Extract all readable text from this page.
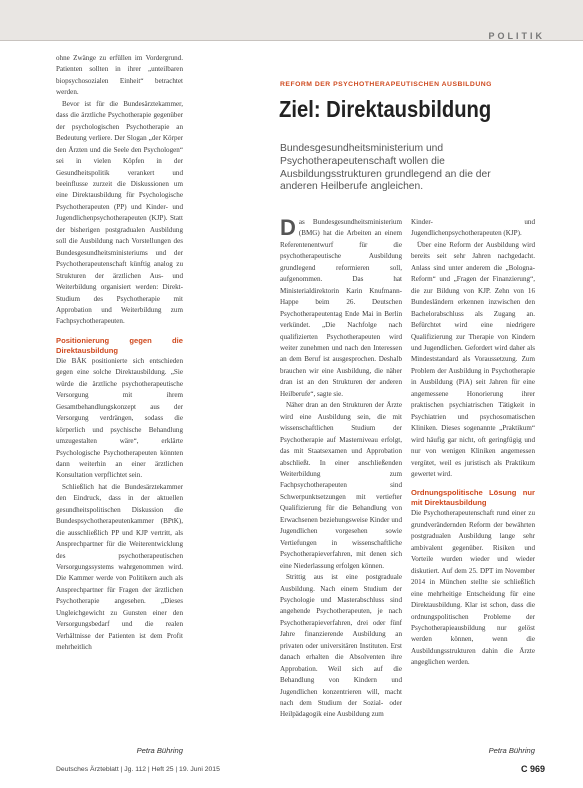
POLITIK

ohne Zwänge zu erfüllen im Vordergrund. Patienten sollten in ihrer „unteilbaren biopsychosozialen Einheit“ betrachtet werden.

Bevor ist für die Bundesärztekammer, dass die ärztliche Psychotherapie gegenüber der psychologischen Psychotherapie an Bedeutung verliere. Der Slogan „der Körper den Ärzten und die Seele den Psychologen“ sei in vielen Köpfen in der Gesundheitspolitik verankert und beeinflusse zurzeit die Diskussionen um eine Direktausbildung für Psychologische Psychotherapeuten (PP) und Kinder- und Jugendlichenpsychotherapeuten (KJP). Statt der bisherigen postgradualen Ausbildung soll die Ausbildung nach Vorstellungen des Bundesgesundheitsministeriums und der Psychotherapeutenschaft künftig analog zu Strukturen der ärztlichen Aus- und Weiterbildung organisiert werden: Direkt-Studium des Psychotherapie mit Approbation und Weiterbildung zum Fachpsychotherapeuten.

Positionierung gegen die Direktausbildung

Die BÄK positionierte sich entschieden gegen eine solche Direktausbildung. „Sie würde die ärztliche psychotherapeutische Versorgung mit ihrem Gesamtbehandlungskonzept aus der Versorgung verdrängen, sodass die körperlich und psychische Behandlung umzugestalten wäre“, erklärte Psychologische Psychotherapeuten könnten dann weiterhin an einer ärztlichen Konsultation verpflichtet sein.

Schließlich hat die Bundesärztekammer den Eindruck, dass in der aktuellen gesundheitspolitischen Diskussion die Bundespsychotherapeutenkammer (BPtK), die ausschließlich PP und KJP vertritt, als Ansprechpartner für die Weiterentwicklung des psychotherapeutischen Versorgungssystems wahrgenommen wird. Die Kammer werde von Politikern auch als Ansprechpartner für Fragen der ärztlichen Psychotherapie angesehen. „Dieses Ungleichgewicht zu Gunsten einer den Versorgungsbedarf und die realen Verhältnisse der Patienten ist dem Profit mehrheitlich

Petra Bühring
REFORM DER PSYCHOTHERAPEUTISCHEN AUSBILDUNG
Ziel: Direktausbildung
Bundesgesundheitsministerium und Psychotherapeutenschaft wollen die Ausbildungsstrukturen grundlegend an die der anderen Heilberufe angleichen.

Das Bundesgesundheitsministerium (BMG) hat die Arbeiten an einem Referentenentwurf für die psychotherapeutische Ausbildung grundlegend reformieren soll, aufgenommen. Das hat Ministerialdirektorin Karin Knufmann-Happe beim 26. Deutschen Psychotherapeutentag Ende Mai in Berlin verkündet. „Die Nachfolge nach qualifizierten Psychotherapeuten wird weiter zunehmen und nach den Interessen an dem Beruf ist ausgesprochen. Deshalb brauchen wir eine Ausbildung, die näher dran ist an den Strukturen der anderen Heilberufe“, sagte sie.

Näher dran an den Strukturen der Ärzte wird eine Ausbildung sein, die mit wissenschaftlichen Studium der Psychotherapie auf Masterniveau erfolgt, das mit Staatsexamen und Approbation abschließt. In einer anschließenden Weiterbildung zum Fachpsychotherapeuten sind Schwerpunktsetzungen mit vertiefter Qualifizierung für die Behandlung von Erwachsenen beziehungsweise Kinder und Jugendlichen vorgesehen sowie Vertiefungen in wissenschaftliche Psychotherapieverfahren, mit denen sich eine Niederlassung erfolgen können.

Strittig aus ist eine postgraduale Ausbildung. Nach einem Studium der Psychologie und Masterabschluss sind angehende Psychotherapeuten, je nach Psychotherapieverfahren, drei oder fünf Jahre finanzierende Ausbildung an privaten oder universitären Instituten. Erst danach erhalten die Absolventen ihre Approbation. Weil sich auf die Behandlung von Kindern und Jugendlichen konzentrieren will, macht nach dem Studium der Sozial- oder Heilpädagogik eine Ausbildung zum

Kinder- und Jugendlichenpsychotherapeuten (KJP).

Über eine Reform der Ausbildung wird bereits seit sehr Jahren nachgedacht. Anlass sind unter anderem die „Bologna-Reform“ und „Fragen der Finanzierung“, die zur Bildung von KJP. Zehn von 16 Bundesländern erkennen inzwischen den Bachelorabschluss als Zugang an. Befürchtet wird eine niedrigere Qualifizierung zur Therapie von Kindern und Jugendlichen. Gefordert wird daher als Mindeststandard als Voraussetzung. Zum Problem der Ausbildung in Psychotherapie in Ausbildung (PiA) seit Jahren für eine angemessene Honorierung ihrer praktischen psychiatrischen Tätigkeit in Psychiatrien und psychosomatischen Kliniken. Dieses sogenannte „Praktikum“ wird häufig gar nicht, oft geringfügig und nur von wenigen Kliniken angemessen vergütet, weil es juristisch als Praktikum gewertet wird.

Ordnungspolitische Lösung nur mit Direktausbildung

Die Psychotherapeutenschaft rund einer zu grundverändernden Reform der bewährten postgradualen Ausbildung lange sehr ambivalent gegenüber. Risiken und Vorteile wurden wieder und wieder diskutiert. Auf dem 25. DPT im November 2014 in München stellte sie schließlich eine mehrheitige Entscheidung für eine Direktausbildung. Klar ist schon, dass die ordnungspolitischen Probleme der Psychotherapieausbildung nur gelöst werden können, wenn die Ausbildungsstrukturen dahin die Ärzte angeglichen werden.

Petra Bühring
Deutsches Ärzteblatt | Jg. 112 | Heft 25 | 19. Juni 2015	C 969
